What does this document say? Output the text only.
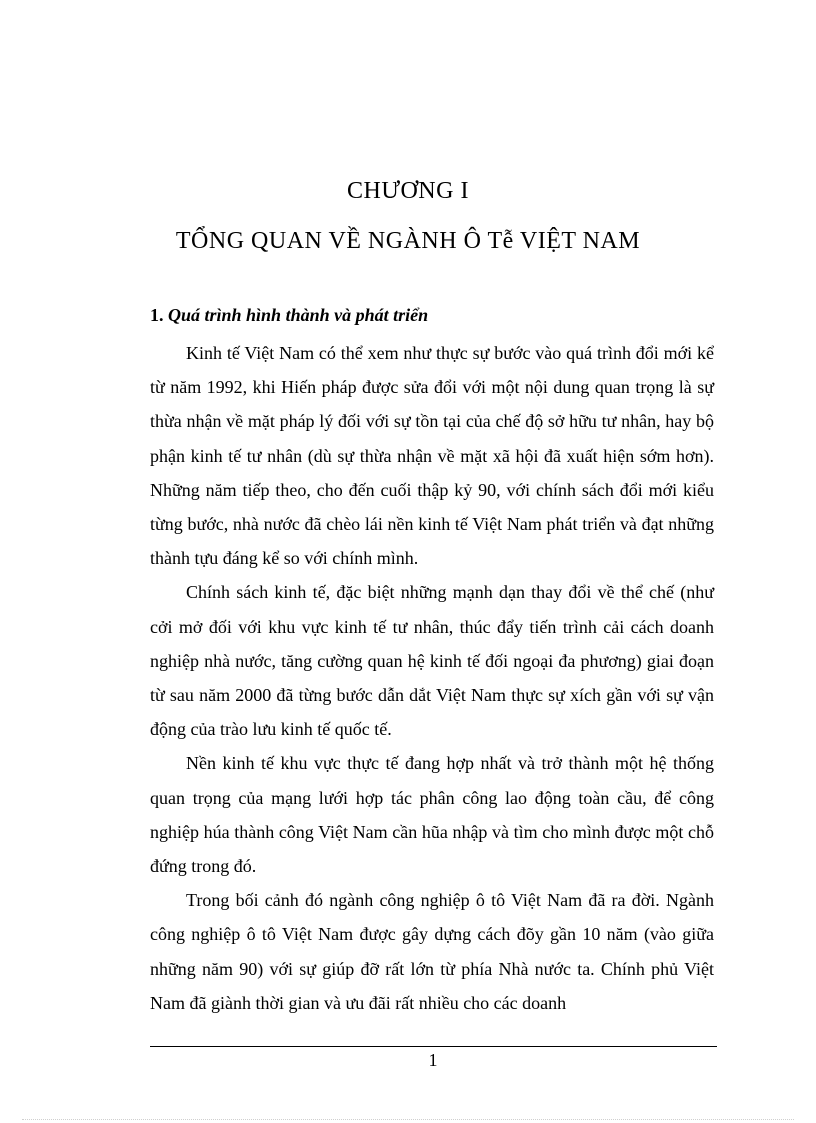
CHƯƠNG I
TỔNG QUAN VỀ NGÀNH Ô Tễ VIỆT NAM
1. Quá trình hình thành và phát triển

Kinh tế Việt Nam có thể xem như thực sự bước vào quá trình đổi mới kể từ năm 1992, khi Hiến pháp được sửa đổi với một nội dung quan trọng là sự thừa nhận về mặt pháp lý đối với sự tồn tại của chế độ sở hữu tư nhân, hay bộ phận kinh tế tư nhân (dù sự thừa nhận về mặt xã hội đã xuất hiện sớm hơn). Những năm tiếp theo, cho đến cuối thập kỷ 90, với chính sách đổi mới kiểu từng bước, nhà nước đã chèo lái nền kinh tế Việt Nam phát triển và đạt những thành tựu đáng kể so với chính mình.

Chính sách kinh tế, đặc biệt những mạnh dạn thay đổi về thể chế (như cởi mở đối với khu vực kinh tế tư nhân, thúc đẩy tiến trình cải cách doanh nghiệp nhà nước, tăng cường quan hệ kinh tế đối ngoại đa phương) giai đoạn từ sau năm 2000 đã từng bước dẫn dắt Việt Nam thực sự xích gần với sự vận động của trào lưu kinh tế quốc tế.

Nền kinh tế khu vực thực tế đang hợp nhất và trở thành một hệ thống quan trọng của mạng lưới hợp tác phân công lao động toàn cầu, để công nghiệp húa thành công Việt Nam cần hũa nhập và tìm cho mình được một chỗ đứng trong đó.

Trong bối cảnh đó ngành công nghiệp ô tô Việt Nam đã ra đời. Ngành công nghiệp ô tô Việt Nam được gây dựng cách đõy gần 10 năm (vào giữa những năm 90) với sự giúp đỡ rất lớn từ phía Nhà nước ta. Chính phủ Việt Nam đã giành thời gian và ưu đãi rất nhiều cho các doanh

1
